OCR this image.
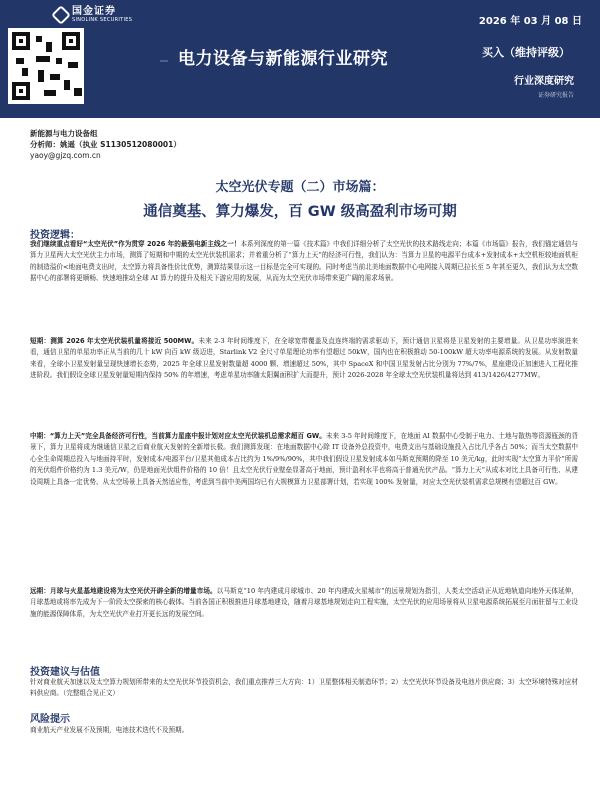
国金证券
SINOLINK SECURITIES	2026 年 03 月 08 日
电力设备与新能源行业研究	买入（维持评级）
行业深度研究
证券研究报告
新能源与电力设备组
分析师：姚遥（执业 S1130512080001）
yaoy@gjzq.com.cn
太空光伏专题（二）市场篇：
通信奠基、算力爆发，百 GW 级高盈利市场可期
投资逻辑：
我们继续重点看好“太空光伏”作为贯穿 2026 年的最强电新主线之一！本系列深度的第一篇《技术篇》中我们详细分析了太空光伏的技术路线走向；本篇《市场篇》报告，我们锚定通信与算力卫星两大太空光伏主力市场，测算了短期和中期的太空光伏装机需求；并着重分析了“算力上天”的经济可行性，我们认为：当算力卫星的电源平台成本+发射成本+太空机柜较地面机柜的制造溢价<地面电费支出时，太空算力将具备性价比优势，测算结果显示这一目标是完全可实现的。同时考虑当前北美地面数据中心电网接入周期已拉长至 5 年甚至更久，我们认为太空数据中心的部署将更顺畅、快速地推动全球 AI 算力的提升及相关下游应用的发展，从而为太空光伏市场带来更广阔的需求场景。
短期：测算 2026 年太空光伏装机量将接近 500MW。未来 2-3 年时间维度下，在全球宽带覆盖及直连终端的需求驱动下，预计通信卫星将是卫星发射的主要增量。从卫星功率演进来看，通信卫星的单星功率正从当前的几十 kW 向百 kW 级迈进，Starlink V2 全尺寸单星理论功率有望超过 50kW，国内也在积极推动 50-100kW 超大功率电源系统的发展。从发射数量来看，全球小卫星发射量呈现快速增长态势，2025 年全球卫星发射数量超 4000 颗、增速超过 50%，其中 SpaceX 和中国卫星发射占比分别为 77%/7%，星座建设正加速进入工程化推进阶段。我们假设全球卫星发射量短期内保持 50% 的年增速，考虑单星功率随太阳翼面积扩大而提升，预计 2026-2028 年全球太空光伏装机量将达到 413/1426/4277MW。
中期：“算力上天”完全具备经济可行性，当前算力星座中报计划对应太空光伏装机总需求超百 GW。未来 3-5 年时间维度下，在地面 AI 数据中心受制于电力、土地与散热等资源瓶颈的背景下，算力卫星将成为继通信卫星之后商业航天发射的全新增长极。我们测算发现：在地面数据中心除 IT 设备外总投资中，电费支出与基础设施投入占比几乎各占 50%；而当太空数据中心全生命周期总投入与地面持平时，发射成本/电源平台/卫星其他成本占比约为 1%/9%/90%，其中我们假设卫星发射成本如马斯克预期的降至 10 美元/kg，此时实现“太空算力平价”所需的光伏组件价格约为 1.3 美元/W，仍是地面光伏组件价格的 10 倍！且太空光伏行业壁垒显著高于地面，预计盈利水平也将高于普通光伏产品。“算力上天”从成本对比上具备可行性、从建设周期上具备一定优势、从太空场景上具备天然适应性，考虑到当前中美两国均已有大规模算力卫星部署计划，若实现 100% 发射量，对应太空光伏装机需求总规模有望超过百 GW。
远期：月球与火星基地建设将为太空光伏开辟全新的增量市场。以马斯克“10 年内建成月球城市、20 年内建成火星城市”的远景规划为指引，人类太空活动正从近地轨道向地外天体延伸，月球基地或将率先成为下一阶段太空探索的核心载体。当前各国正积极推进月球基地建设，随着月球基地规划走向工程实施，太空光伏的应用场景将从卫星电源系统拓展至月面驻留与工业设施的能源保障体系，为太空光伏产业打开更长远的发展空间。
投资建议与估值
针对商业航天加速以及太空算力规划所带来的太空光伏环节投资机会，我们重点推荐三大方向：1）卫星整体相关制造环节；2）太空光伏环节设备及电池片供应商；3）太空环境特殊对应材料供应商。（完整组合见正文）
风险提示
商业航天产业发展不及预期，电池技术迭代不及预期。
